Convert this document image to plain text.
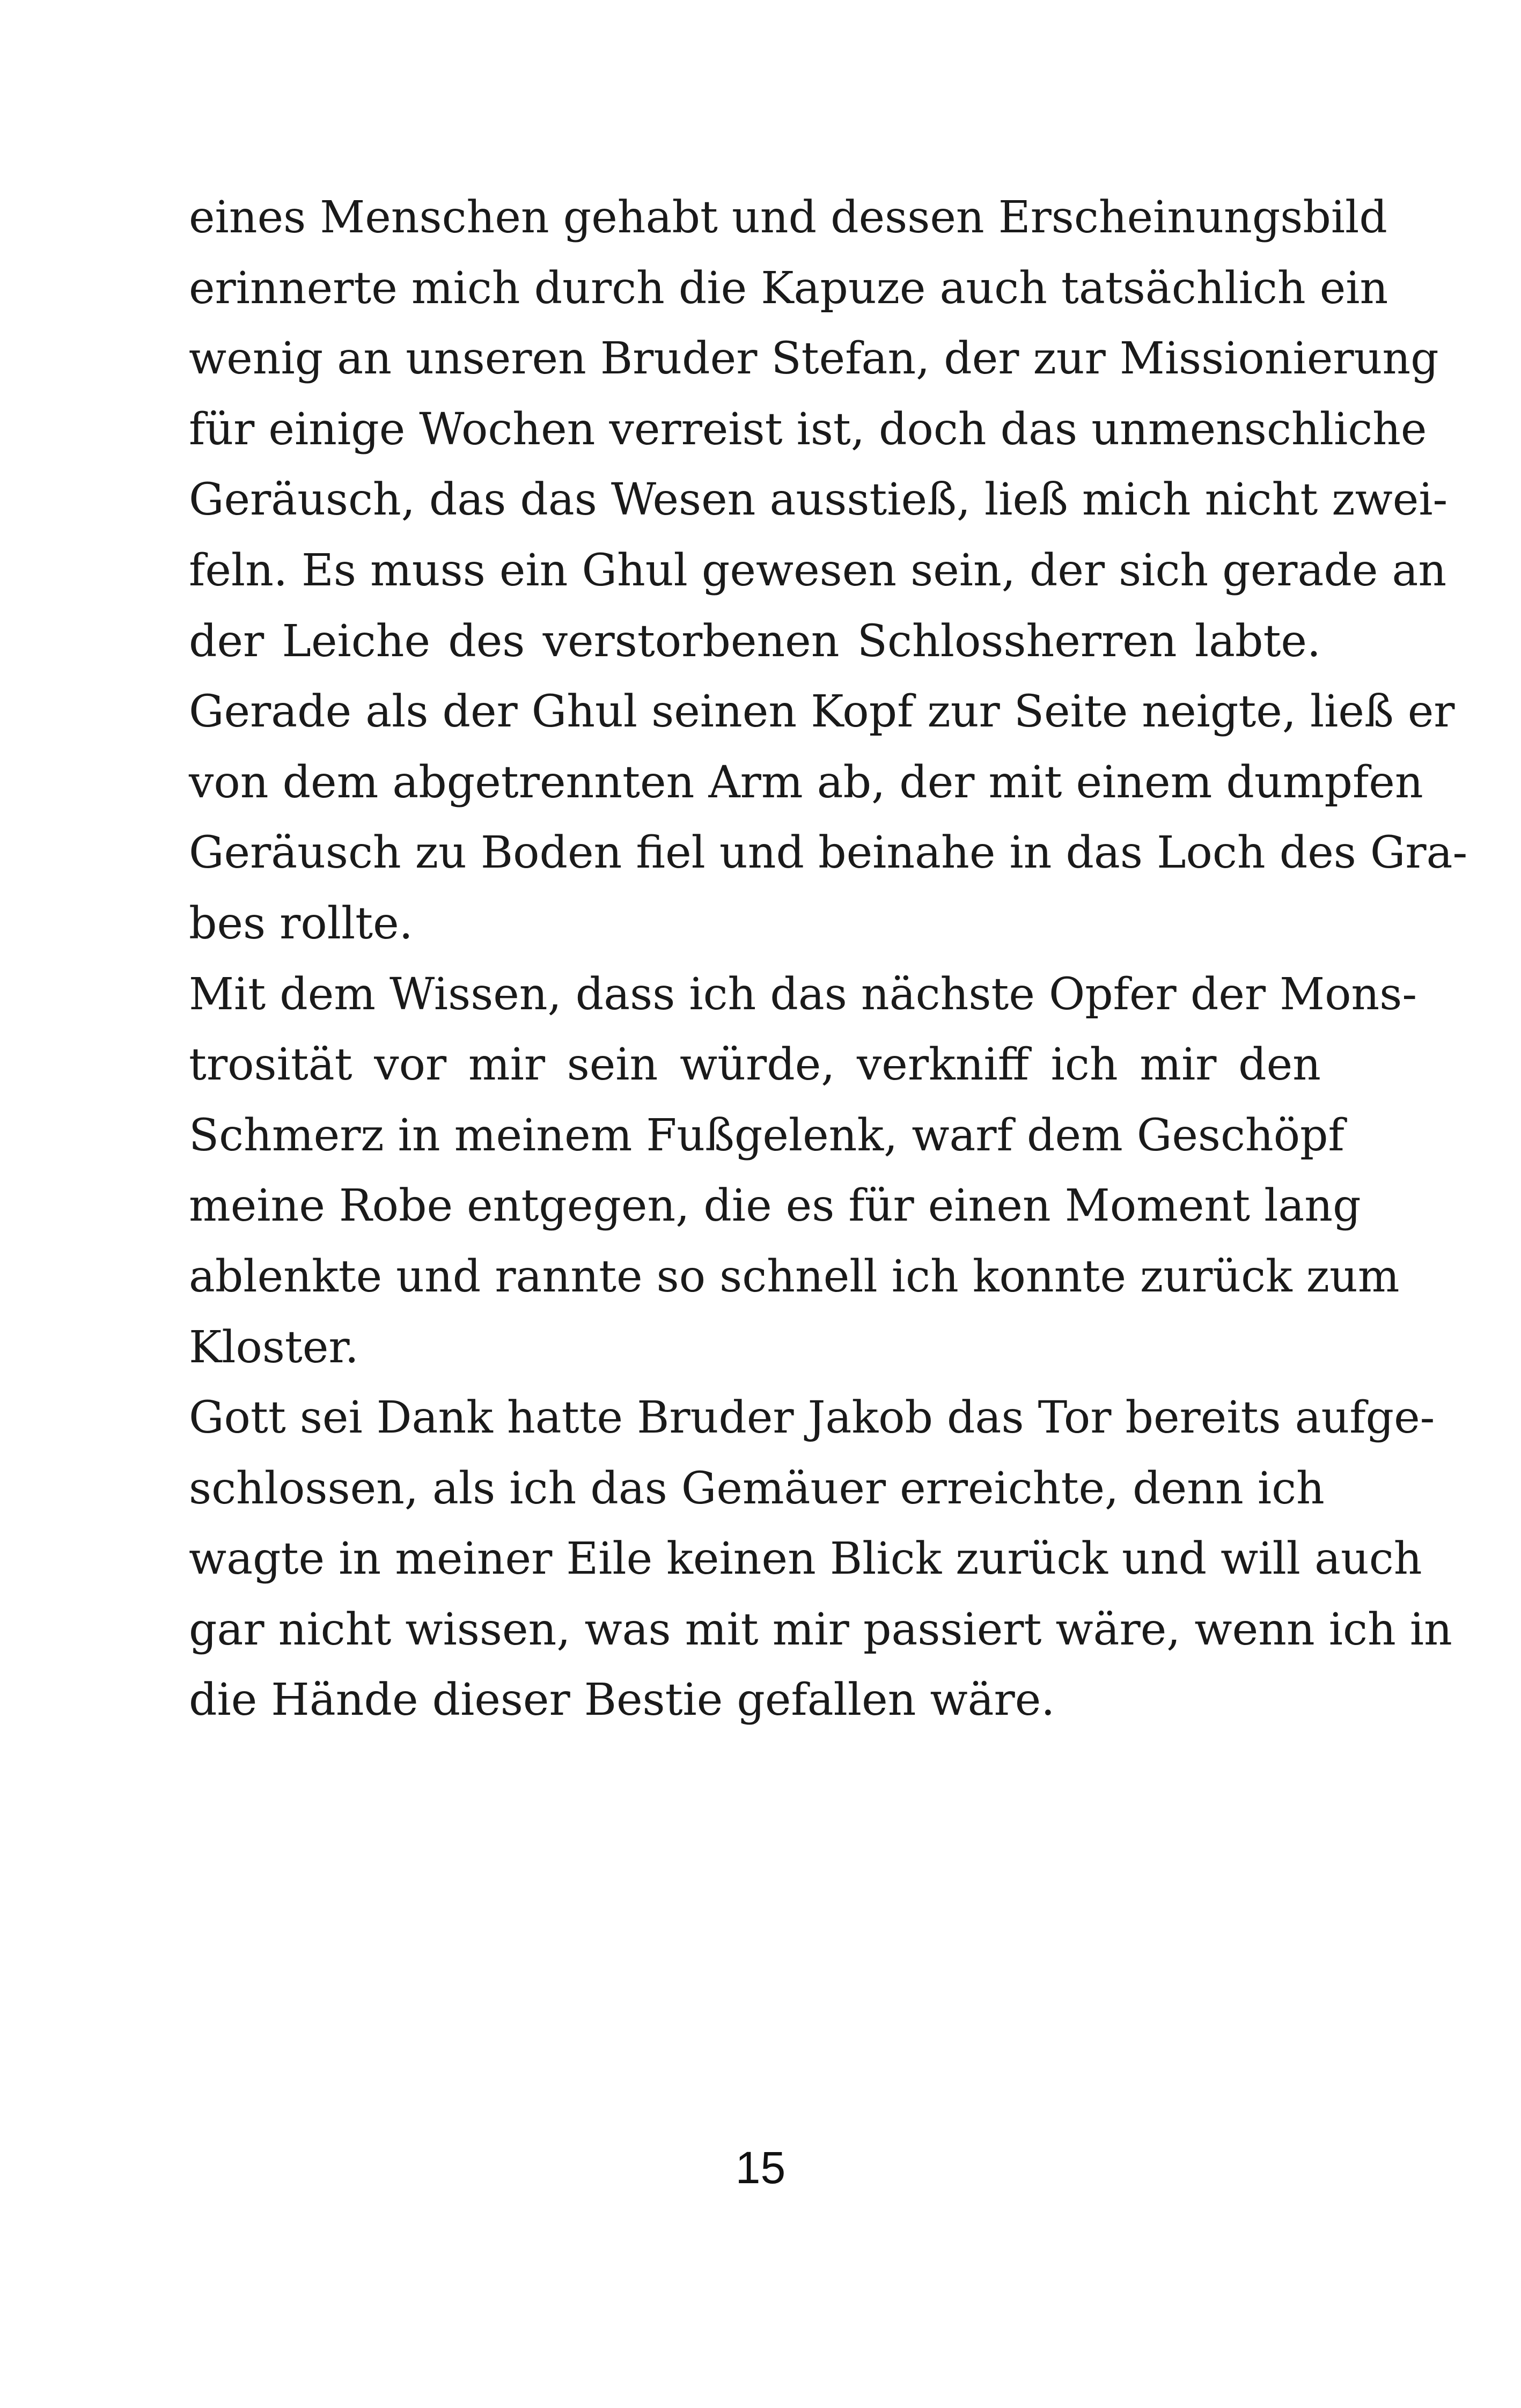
eines Menschen gehabt und dessen Erscheinungsbild
erinnerte mich durch die Kapuze auch tatsächlich ein
wenig an unseren Bruder Stefan, der zur Missionierung
für einige Wochen verreist ist, doch das unmenschliche
Geräusch, das das Wesen ausstieß, ließ mich nicht zwei-
feln. Es muss ein Ghul gewesen sein, der sich gerade an
der Leiche des verstorbenen Schlossherren labte.
Gerade als der Ghul seinen Kopf zur Seite neigte, ließ er
von dem abgetrennten Arm ab, der mit einem dumpfen
Geräusch zu Boden fiel und beinahe in das Loch des Gra-
bes rollte.
Mit dem Wissen, dass ich das nächste Opfer der Mons-
trosität vor mir sein würde, verkniff ich mir den
Schmerz in meinem Fußgelenk, warf dem Geschöpf
meine Robe entgegen, die es für einen Moment lang
ablenkte und rannte so schnell ich konnte zurück zum
Kloster.
Gott sei Dank hatte Bruder Jakob das Tor bereits aufge-
schlossen, als ich das Gemäuer erreichte, denn ich
wagte in meiner Eile keinen Blick zurück und will auch
gar nicht wissen, was mit mir passiert wäre, wenn ich in
die Hände dieser Bestie gefallen wäre.
15
